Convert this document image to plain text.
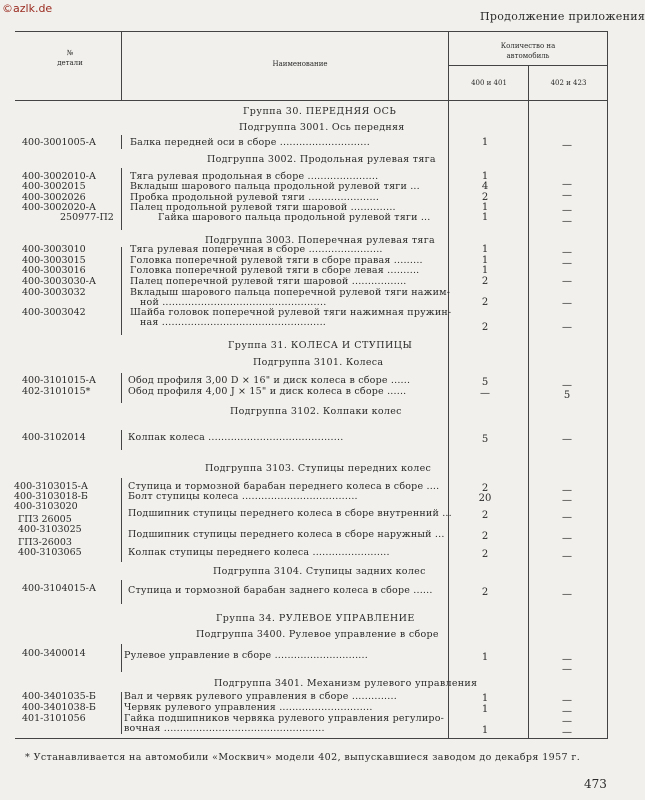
©azlk.de
Продолжение приложения
№
детали	Наименование
Количество на
автомобиль
400 и 401	402 и 423
Группа 30. ПЕРЕДНЯЯ ОСЬ
Группа 31. КОЛЕСА И СТУПИЦЫ
Группа 34. РУЛЕВОЕ УПРАВЛЕНИЕ
Подгруппа 3001. Ось передняя
Подгруппа 3002. Продольная рулевая тяга
Подгруппа 3003. Поперечная рулевая тяга
Подгруппа 3101. Колеса
Подгруппа 3102. Колпаки колес
Подгруппа 3103. Ступицы передних колес
Подгруппа 3104. Ступицы задних колес
Подгруппа 3400. Рулевое управление в сборе
Подгруппа 3401. Механизм рулевого управления
400-3001005-А
400-3002010-А
400-3002015
400-3002026
400-3002020-А
250977-П2
400-3003010
400-3003015
400-3003016
400-3003030-А
400-3003032
400-3003042
400-3101015-А
402-3101015*
400-3102014
400-3103015-А
400-3103018-Б
400-3103020
ГПЗ 26005
400-3103025
ГПЗ-26003
400-3103065
400-3104015-А
400-3400014
400-3401035-Б
400-3401038-Б
401-3101056
Балка передней оси в сборе ............................
Тяга рулевая продольная в сборе ......................
Вкладыш шарового пальца продольной рулевой тяги ...
Пробка продольной рулевой тяги ......................
Палец продольной рулевой тяги шаровой ..............
Гайка шарового пальца продольной рулевой тяги ...
Тяга рулевая поперечная в сборе .......................
Головка поперечной рулевой тяги в сборе правая .........
Головка поперечной рулевой тяги в сборе левая ..........
Палец поперечной рулевой тяги шаровой .................
Вкладыш шарового пальца поперечной рулевой тяги нажим-
ной ...................................................
Шайба головок поперечной рулевой тяги нажимная пружин-
ная ...................................................
Обод профиля 3,00 D × 16" и диск колеса в сборе ......
Обод профиля 4,00 J × 15" и диск колеса в сборе ......
Колпак колеса ..........................................
Ступица и тормозной барабан переднего колеса в сборе ....
Болт ступицы колеса ....................................
Подшипник ступицы переднего колеса в сборе внутренний ...
Подшипник ступицы переднего колеса в сборе наружный ...
Колпак ступицы переднего колеса ........................
Ступица и тормозной барабан заднего колеса в сборе ......
Рулевое управление в сборе .............................
Вал и червяк рулевого управления в сборе ..............
Червяк рулевого управления .............................
Гайка подшипников червяка рулевого управления регулиро-
вочная ..................................................
1
1
4
2
1
1
1
1
1
2
2
2
5
—
5
2
20
2
2
2
2
1
1
1
1
—
—
—
—
—
—
—
—
—
—
—
—
—
5
—
—
—
—
—
—
—
—
—
—
—
* Устанавливается на автомобили «Москвич» модели 402, выпускавшиеся заводом до декабря 1957 г.
473
